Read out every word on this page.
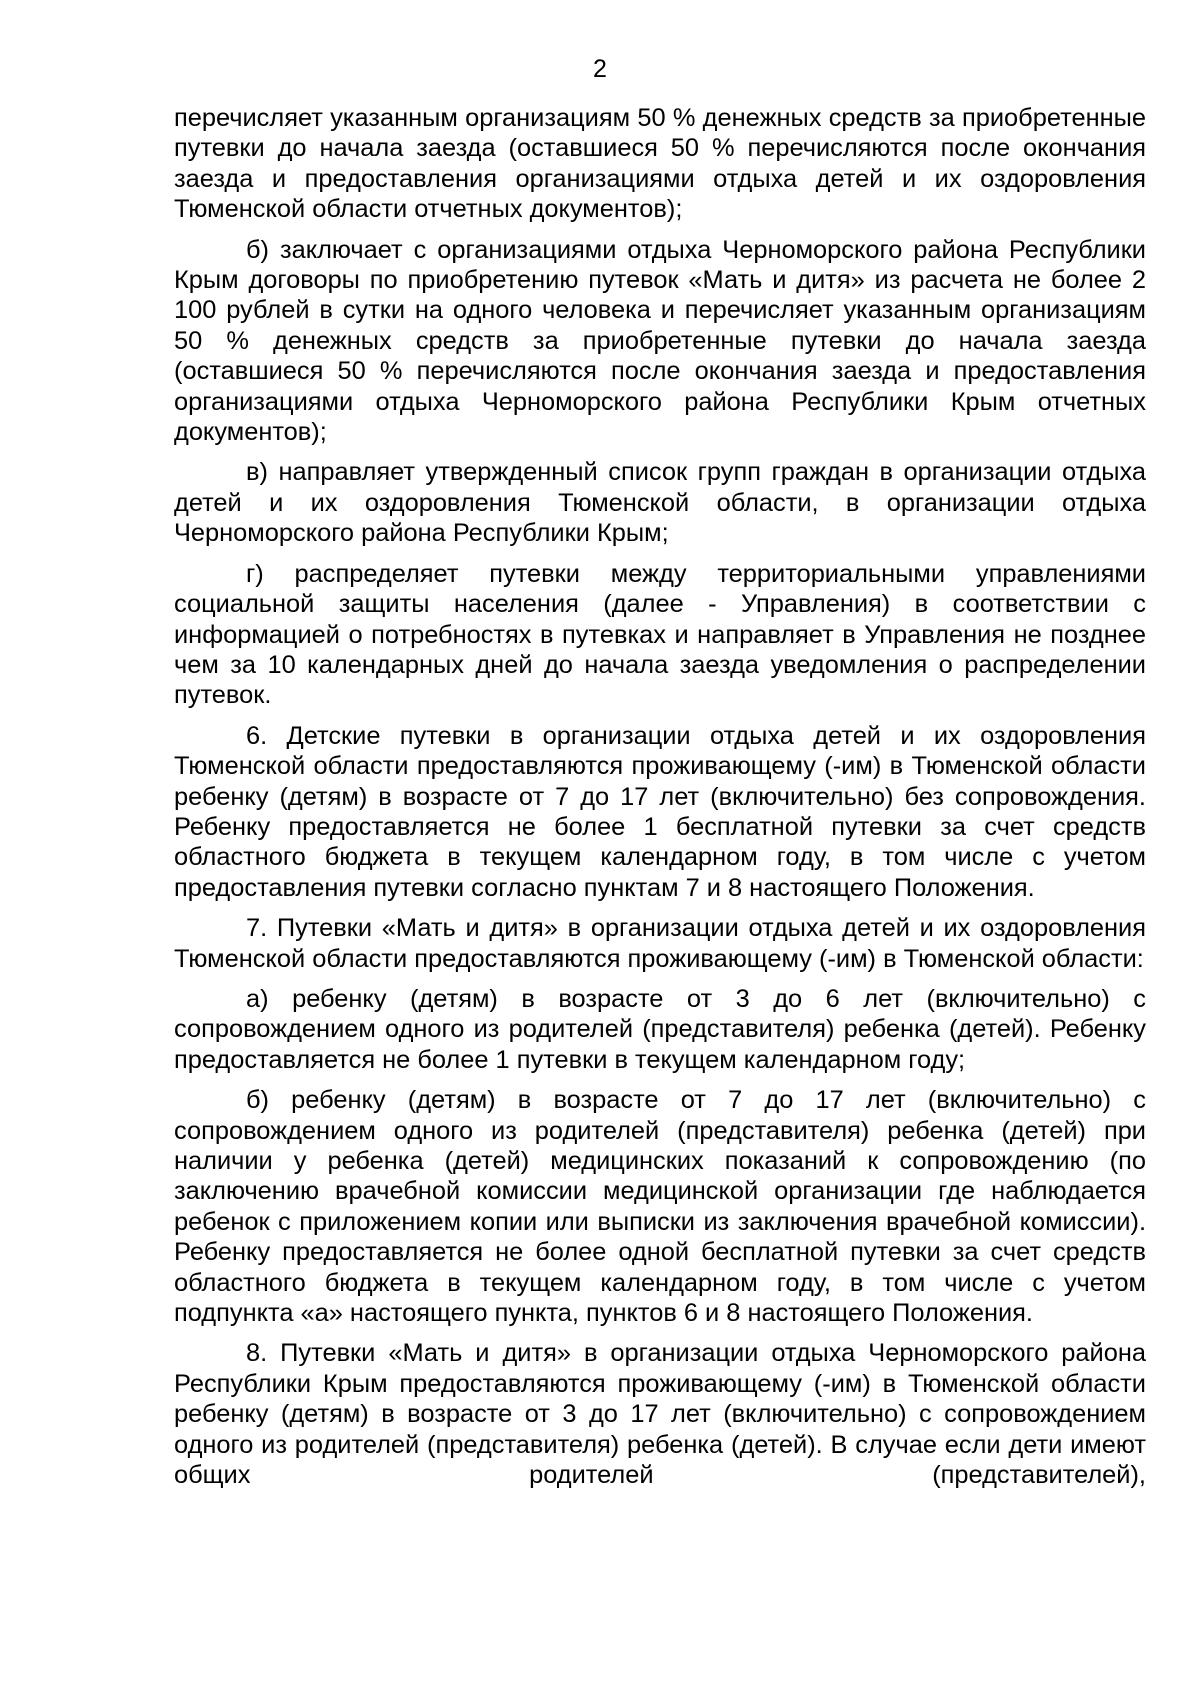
2

перечисляет указанным организациям 50 % денежных средств за приобретенные путевки до начала заезда (оставшиеся 50 % перечисляются после окончания заезда и предоставления организациями отдыха детей и их оздоровления Тюменской области отчетных документов);

б) заключает с организациями отдыха Черноморского района Республики Крым договоры по приобретению путевок «Мать и дитя» из расчета не более 2 100 рублей в сутки на одного человека и перечисляет указанным организациям 50 % денежных средств за приобретенные путевки до начала заезда (оставшиеся 50 % перечисляются после окончания заезда и предоставления организациями отдыха Черноморского района Республики Крым отчетных документов);

в) направляет утвержденный список групп граждан в организации отдыха детей и их оздоровления Тюменской области, в организации отдыха Черноморского района Республики Крым;

г) распределяет путевки между территориальными управлениями социальной защиты населения (далее - Управления) в соответствии с информацией о потребностях в путевках и направляет в Управления не позднее чем за 10 календарных дней до начала заезда уведомления о распределении путевок.

6. Детские путевки в организации отдыха детей и их оздоровления Тюменской области предоставляются проживающему (-им) в Тюменской области ребенку (детям) в возрасте от 7 до 17 лет (включительно) без сопровождения. Ребенку предоставляется не более 1 бесплатной путевки за счет средств областного бюджета в текущем календарном году, в том числе с учетом предоставления путевки согласно пунктам 7 и 8 настоящего Положения.

7. Путевки «Мать и дитя» в организации отдыха детей и их оздоровления Тюменской области предоставляются проживающему (-им) в Тюменской области:

а) ребенку (детям) в возрасте от 3 до 6 лет (включительно) с сопровождением одного из родителей (представителя) ребенка (детей). Ребенку предоставляется не более 1 путевки в текущем календарном году;

б) ребенку (детям) в возрасте от 7 до 17 лет (включительно) с сопровождением одного из родителей (представителя) ребенка (детей) при наличии у ребенка (детей) медицинских показаний к сопровождению (по заключению врачебной комиссии медицинской организации где наблюдается ребенок с приложением копии или выписки из заключения врачебной комиссии). Ребенку предоставляется не более одной бесплатной путевки за счет средств областного бюджета в текущем календарном году, в том числе с учетом подпункта «а» настоящего пункта, пунктов 6 и 8 настоящего Положения.

8. Путевки «Мать и дитя» в организации отдыха Черноморского района Республики Крым предоставляются проживающему (-им) в Тюменской области ребенку (детям) в возрасте от 3 до 17 лет (включительно) с сопровождением одного из родителей (представителя) ребенка (детей). В случае если дети имеют общих родителей (представителей),
